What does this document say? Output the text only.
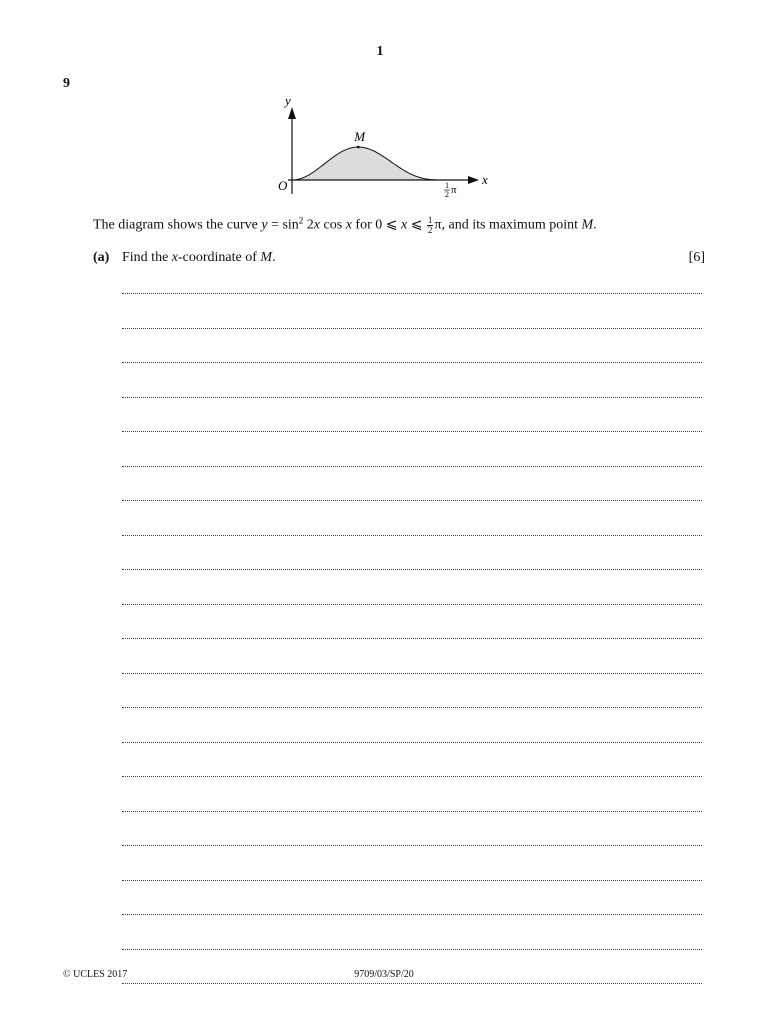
1
9
y
x
O
M
1
2 π
The diagram shows the curve $y = \sin^2 2x$ cos x for 0 ⩽ x ⩽ $\frac{1}{2} \pi$, and its maximum point M.
(a) Find the x-coordinate of M.	[6]
© UCLES 2017	9709/03/SP/20
